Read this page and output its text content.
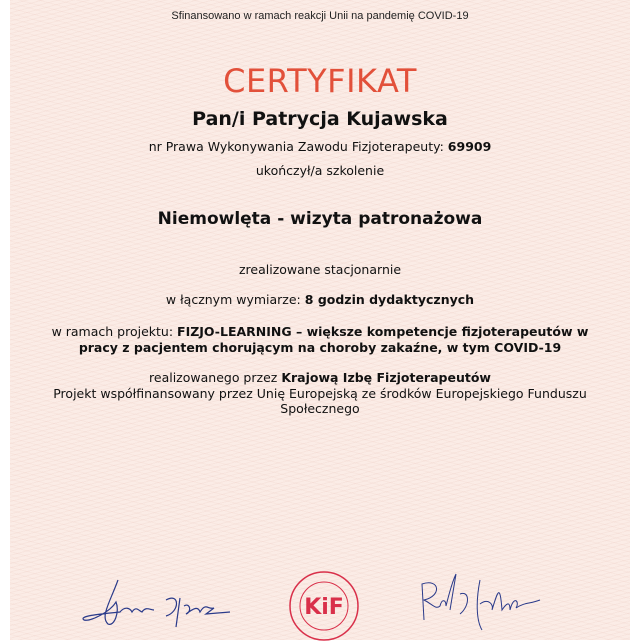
Sfinansowano w ramach reakcji Unii na pandemię COVID-19
CERTYFIKAT
Pan/i Patrycja Kujawska
nr Prawa Wykonywania Zawodu Fizjoterapeuty: 69909
ukończył/a szkolenie
Niemowlęta - wizyta patronażowa
zrealizowane stacjonarnie
w łącznym wymiarze: 8 godzin dydaktycznych
w ramach projektu: FIZJO-LEARNING – większe kompetencje fizjoterapeutów w
pracy z pacjentem chorującym na choroby zakaźne, w tym COVID-19
realizowanego przez Krajową Izbę Fizjoterapeutów
Projekt współfinansowany przez Unię Europejską ze środków Europejskiego Funduszu
Społecznego
KiF
